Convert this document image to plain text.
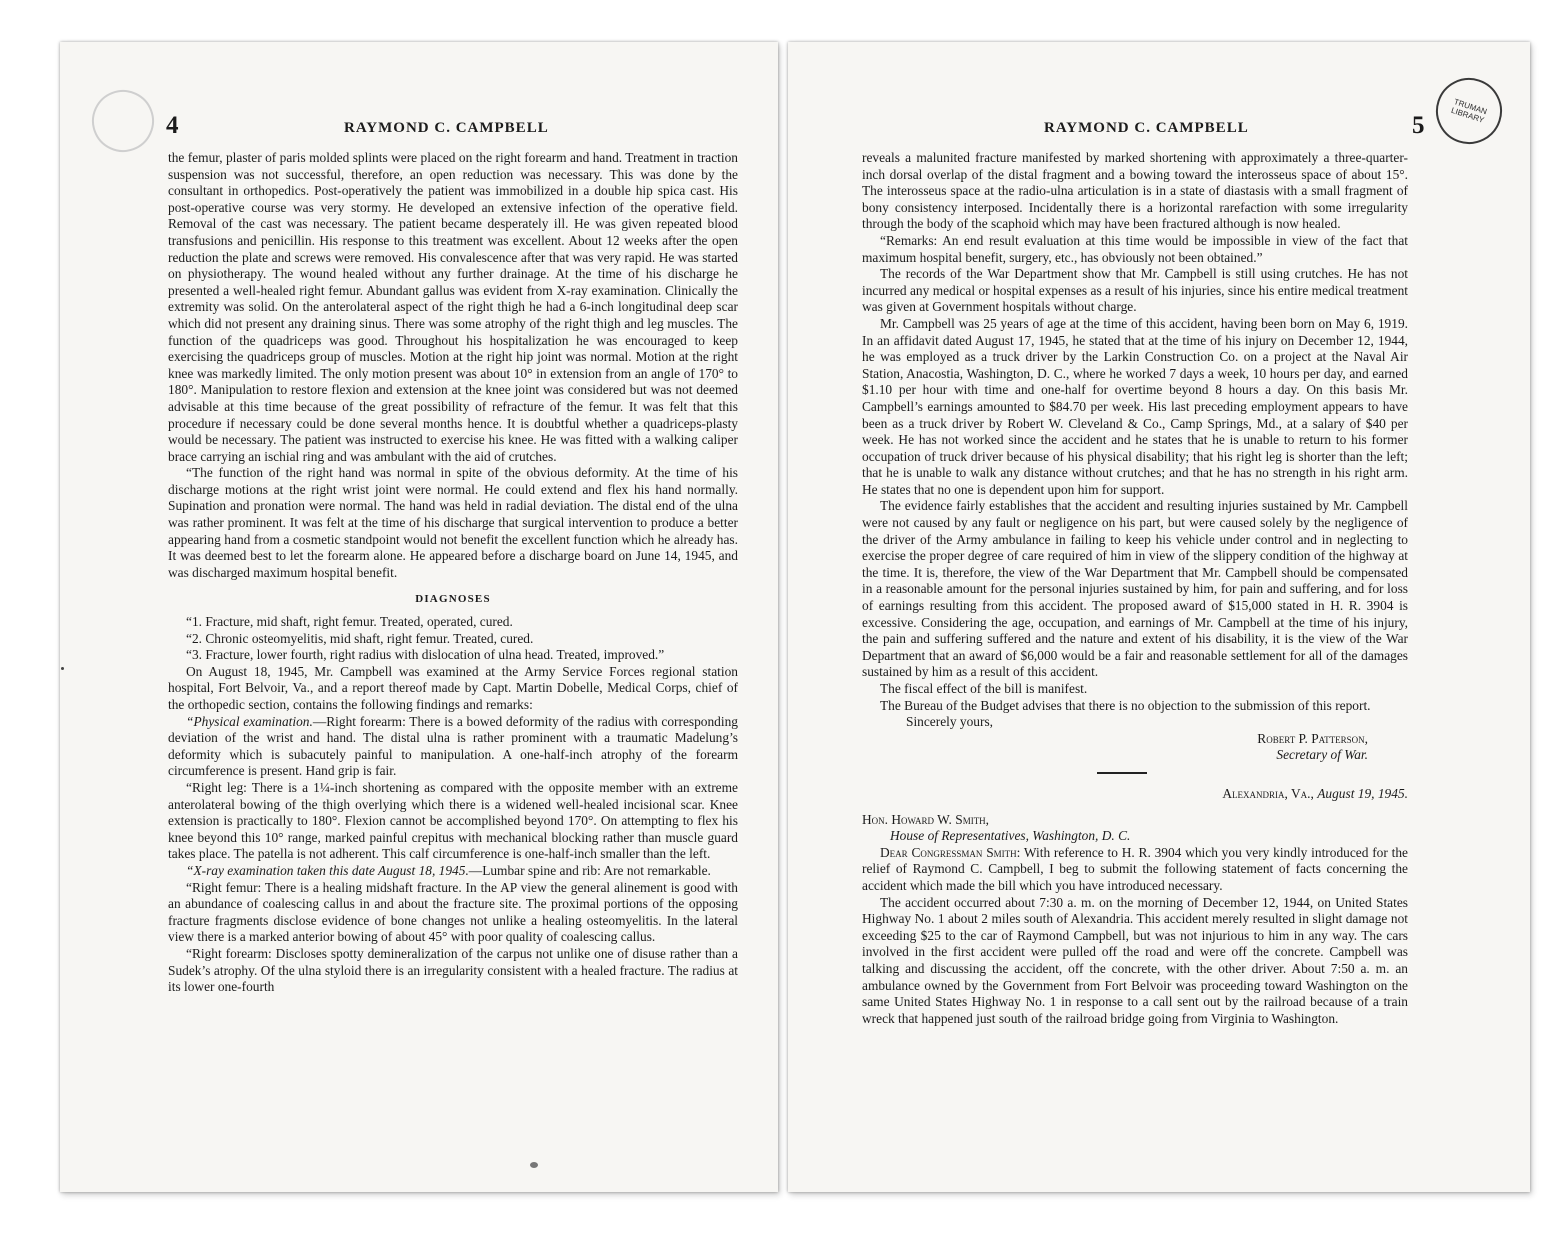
4	RAYMOND C. CAMPBELL

the femur, plaster of paris molded splints were placed on the right forearm and hand. Treatment in traction suspension was not successful, therefore, an open reduction was necessary. This was done by the consultant in orthopedics. Post-operatively the patient was immobilized in a double hip spica cast. His post-operative course was very stormy. He developed an extensive infection of the operative field. Removal of the cast was necessary. The patient became desperately ill. He was given repeated blood transfusions and penicillin. His response to this treatment was excellent. About 12 weeks after the open reduction the plate and screws were removed. His convalescence after that was very rapid. He was started on physiotherapy. The wound healed without any further drainage. At the time of his discharge he presented a well-healed right femur. Abundant gallus was evident from X-ray examination. Clinically the extremity was solid. On the anterolateral aspect of the right thigh he had a 6-inch longitudinal deep scar which did not present any draining sinus. There was some atrophy of the right thigh and leg muscles. The function of the quadriceps was good. Throughout his hospitalization he was encouraged to keep exercising the quadriceps group of muscles. Motion at the right hip joint was normal. Motion at the right knee was markedly limited. The only motion present was about 10° in extension from an angle of 170° to 180°. Manipulation to restore flexion and extension at the knee joint was considered but was not deemed advisable at this time because of the great possibility of refracture of the femur. It was felt that this procedure if necessary could be done several months hence. It is doubtful whether a quadriceps-plasty would be necessary. The patient was instructed to exercise his knee. He was fitted with a walking caliper brace carrying an ischial ring and was ambulant with the aid of crutches.

“The function of the right hand was normal in spite of the obvious deformity. At the time of his discharge motions at the right wrist joint were normal. He could extend and flex his hand normally. Supination and pronation were normal. The hand was held in radial deviation. The distal end of the ulna was rather prominent. It was felt at the time of his discharge that surgical intervention to produce a better appearing hand from a cosmetic standpoint would not benefit the excellent function which he already has. It was deemed best to let the forearm alone. He appeared before a discharge board on June 14, 1945, and was discharged maximum hospital benefit.

DIAGNOSES

“1. Fracture, mid shaft, right femur. Treated, operated, cured.

“2. Chronic osteomyelitis, mid shaft, right femur. Treated, cured.

“3. Fracture, lower fourth, right radius with dislocation of ulna head. Treated, improved.”

On August 18, 1945, Mr. Campbell was examined at the Army Service Forces regional station hospital, Fort Belvoir, Va., and a report thereof made by Capt. Martin Dobelle, Medical Corps, chief of the orthopedic section, contains the following findings and remarks:

“Physical examination.—Right forearm: There is a bowed deformity of the radius with corresponding deviation of the wrist and hand. The distal ulna is rather prominent with a traumatic Madelung’s deformity which is subacutely painful to manipulation. A one-half-inch atrophy of the forearm circumference is present. Hand grip is fair.

“Right leg: There is a 1¼-inch shortening as compared with the opposite member with an extreme anterolateral bowing of the thigh overlying which there is a widened well-healed incisional scar. Knee extension is practically to 180°. Flexion cannot be accomplished beyond 170°. On attempting to flex his knee beyond this 10° range, marked painful crepitus with mechanical blocking rather than muscle guard takes place. The patella is not adherent. This calf circumference is one-half-inch smaller than the left.

“X-ray examination taken this date August 18, 1945.—Lumbar spine and rib: Are not remarkable.

“Right femur: There is a healing midshaft fracture. In the AP view the general alinement is good with an abundance of coalescing callus in and about the fracture site. The proximal portions of the opposing fracture fragments disclose evidence of bone changes not unlike a healing osteomyelitis. In the lateral view there is a marked anterior bowing of about 45° with poor quality of coalescing callus.

“Right forearm: Discloses spotty demineralization of the carpus not unlike one of disuse rather than a Sudek’s atrophy. Of the ulna styloid there is an irregularity consistent with a healed fracture. The radius at its lower one-fourth

TRUMAN LIBRARY
RAYMOND C. CAMPBELL	5

reveals a malunited fracture manifested by marked shortening with approximately a three-quarter-inch dorsal overlap of the distal fragment and a bowing toward the interosseus space of about 15°. The interosseus space at the radio-ulna articulation is in a state of diastasis with a small fragment of bony consistency interposed. Incidentally there is a horizontal rarefaction with some irregularity through the body of the scaphoid which may have been fractured although is now healed.

“Remarks: An end result evaluation at this time would be impossible in view of the fact that maximum hospital benefit, surgery, etc., has obviously not been obtained.”

The records of the War Department show that Mr. Campbell is still using crutches. He has not incurred any medical or hospital expenses as a result of his injuries, since his entire medical treatment was given at Government hospitals without charge.

Mr. Campbell was 25 years of age at the time of this accident, having been born on May 6, 1919. In an affidavit dated August 17, 1945, he stated that at the time of his injury on December 12, 1944, he was employed as a truck driver by the Larkin Construction Co. on a project at the Naval Air Station, Anacostia, Washington, D. C., where he worked 7 days a week, 10 hours per day, and earned $1.10 per hour with time and one-half for overtime beyond 8 hours a day. On this basis Mr. Campbell’s earnings amounted to $84.70 per week. His last preceding employment appears to have been as a truck driver by Robert W. Cleveland & Co., Camp Springs, Md., at a salary of $40 per week. He has not worked since the accident and he states that he is unable to return to his former occupation of truck driver because of his physical disability; that his right leg is shorter than the left; that he is unable to walk any distance without crutches; and that he has no strength in his right arm. He states that no one is dependent upon him for support.

The evidence fairly establishes that the accident and resulting injuries sustained by Mr. Campbell were not caused by any fault or negligence on his part, but were caused solely by the negligence of the driver of the Army ambulance in failing to keep his vehicle under control and in neglecting to exercise the proper degree of care required of him in view of the slippery condition of the highway at the time. It is, therefore, the view of the War Department that Mr. Campbell should be compensated in a reasonable amount for the personal injuries sustained by him, for pain and suffering, and for loss of earnings resulting from this accident. The proposed award of $15,000 stated in H. R. 3904 is excessive. Considering the age, occupation, and earnings of Mr. Campbell at the time of his injury, the pain and suffering suffered and the nature and extent of his disability, it is the view of the War Department that an award of $6,000 would be a fair and reasonable settlement for all of the damages sustained by him as a result of this accident.

The fiscal effect of the bill is manifest.

The Bureau of the Budget advises that there is no objection to the submission of this report.

Sincerely yours,

Robert P. Patterson,
Secretary of War.
Alexandria, Va., August 19, 1945.

Hon. Howard W. Smith,

House of Representatives, Washington, D. C.

Dear Congressman Smith: With reference to H. R. 3904 which you very kindly introduced for the relief of Raymond C. Campbell, I beg to submit the following statement of facts concerning the accident which made the bill which you have introduced necessary.

The accident occurred about 7:30 a. m. on the morning of December 12, 1944, on United States Highway No. 1 about 2 miles south of Alexandria. This accident merely resulted in slight damage not exceeding $25 to the car of Raymond Campbell, but was not injurious to him in any way. The cars involved in the first accident were pulled off the road and were off the concrete. Campbell was talking and discussing the accident, off the concrete, with the other driver. About 7:50 a. m. an ambulance owned by the Government from Fort Belvoir was proceeding toward Washington on the same United States Highway No. 1 in response to a call sent out by the railroad because of a train wreck that happened just south of the railroad bridge going from Virginia to Washington.
